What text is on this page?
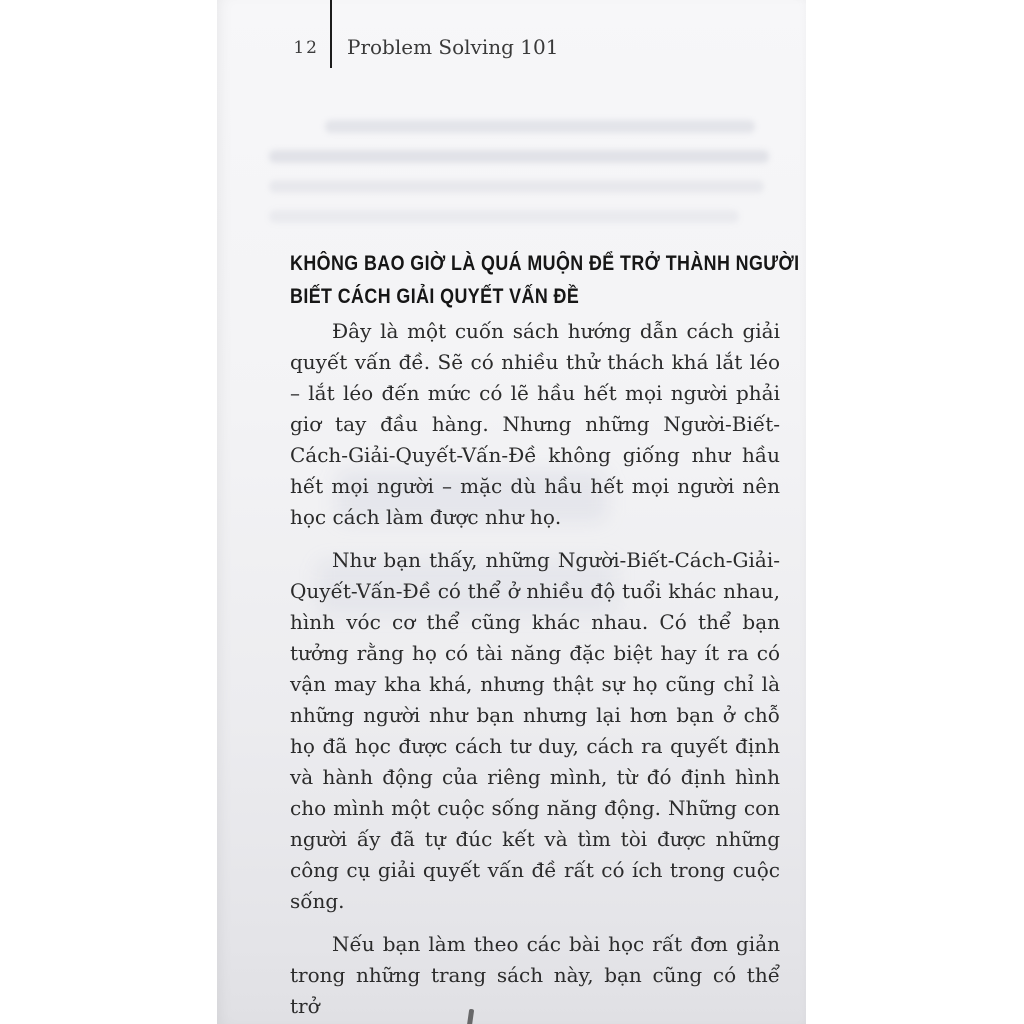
12 Problem Solving 101
KHÔNG BAO GIỜ LÀ QUÁ MUỘN ĐỂ TRỞ THÀNH NGƯỜI
BIẾT CÁCH GIẢI QUYẾT VẤN ĐỀ

Đây là một cuốn sách hướng dẫn cách giải quyết vấn đề. Sẽ có nhiều thử thách khá lắt léo – lắt léo đến mức có lẽ hầu hết mọi người phải giơ tay đầu hàng. Nhưng những Người-Biết-Cách-Giải-Quyết-Vấn-Đề không giống như hầu hết mọi người – mặc dù hầu hết mọi người nên học cách làm được như họ.

Như bạn thấy, những Người-Biết-Cách-Giải-Quyết-Vấn-Đề có thể ở nhiều độ tuổi khác nhau, hình vóc cơ thể cũng khác nhau. Có thể bạn tưởng rằng họ có tài năng đặc biệt hay ít ra có vận may kha khá, nhưng thật sự họ cũng chỉ là những người như bạn nhưng lại hơn bạn ở chỗ họ đã học được cách tư duy, cách ra quyết định và hành động của riêng mình, từ đó định hình cho mình một cuộc sống năng động. Những con người ấy đã tự đúc kết và tìm tòi được những công cụ giải quyết vấn đề rất có ích trong cuộc sống.

Nếu bạn làm theo các bài học rất đơn giản trong những trang sách này, bạn cũng có thể trở
